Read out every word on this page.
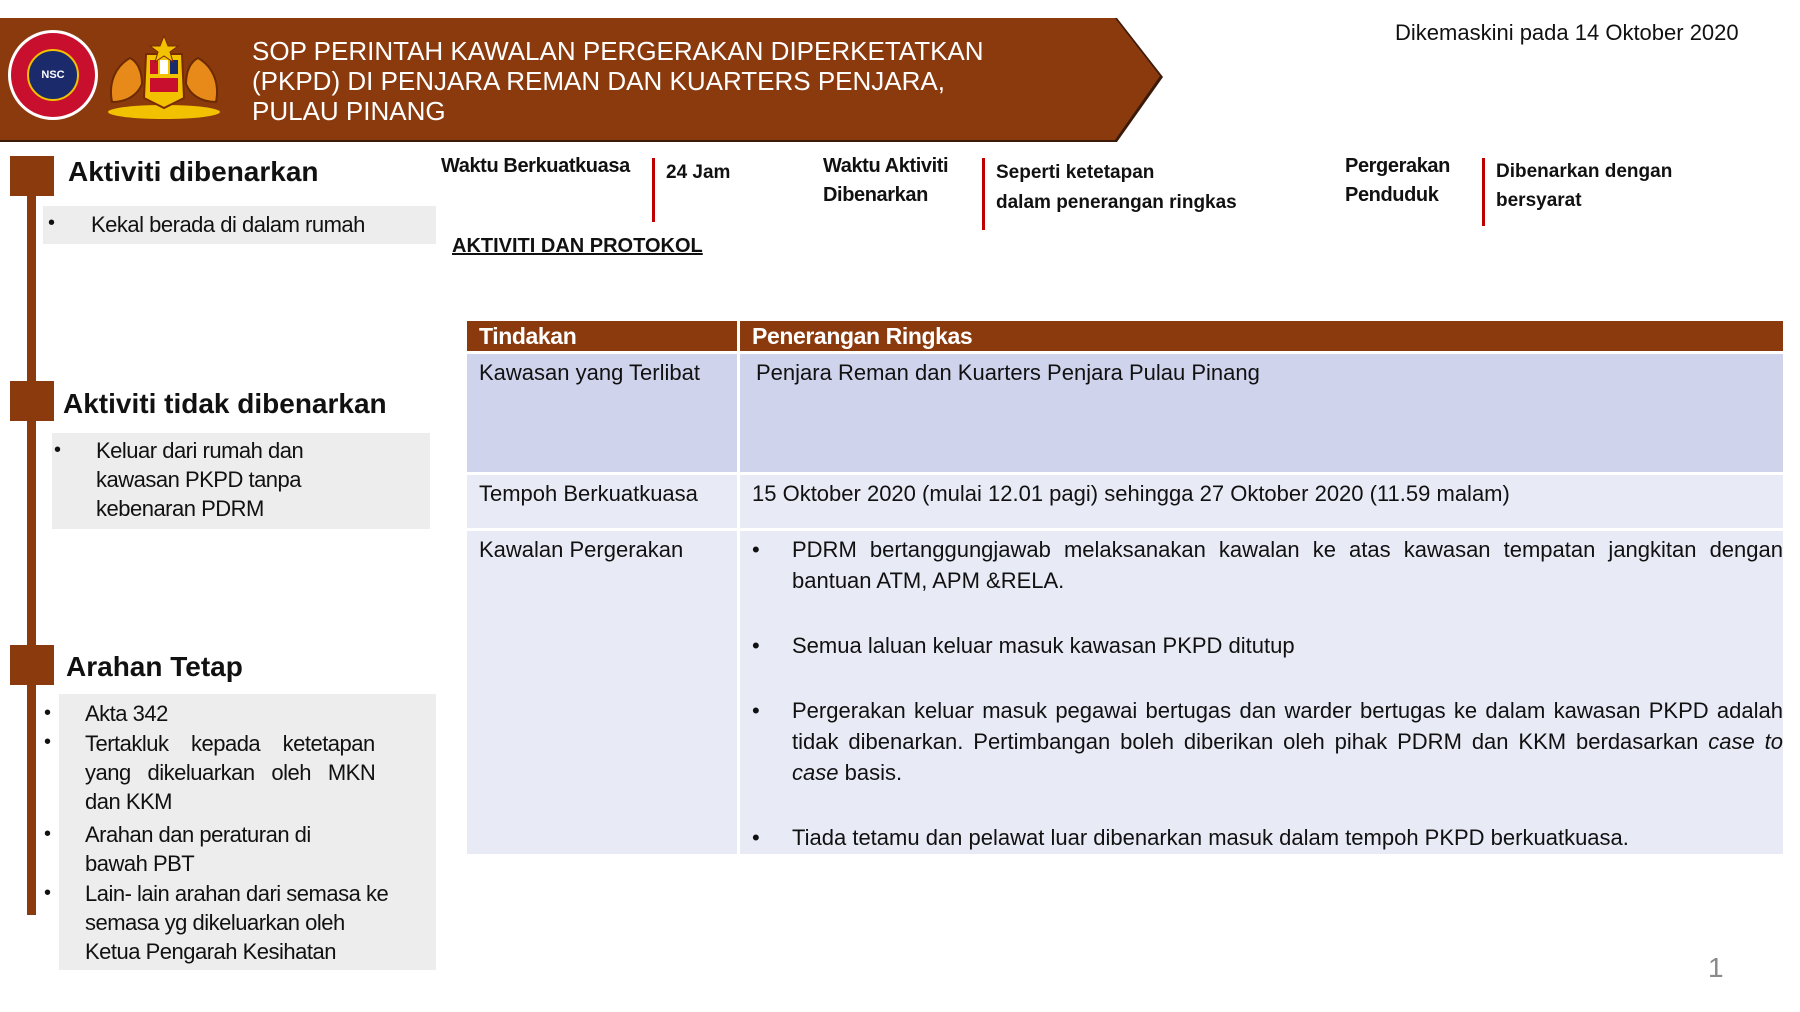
NSC
SOP PERINTAH KAWALAN PERGERAKAN DIPERKETATKAN
(PKPD) DI PENJARA REMAN DAN KUARTERS PENJARA,
PULAU PINANG
Dikemaskini pada 14 Oktober 2020
Aktiviti dibenarkan
• Kekal berada di dalam rumah
Aktiviti tidak dibenarkan
• Keluar dari rumah dan
kawasan PKPD tanpa
kebenaran PDRM
Arahan Tetap
• Akta 342
• Tertakluk    kepada    ketetapan
yang   dikeluarkan   oleh   MKN
dan KKM
• Arahan dan peraturan di
bawah PBT
• Lain- lain arahan dari semasa ke
semasa yg dikeluarkan oleh
Ketua Pengarah Kesihatan
Waktu Berkuatkuasa 24 Jam	Waktu Aktiviti
Dibenarkan
Seperti ketetapan
dalam penerangan ringkas
Pergerakan
Penduduk
Dibenarkan dengan
bersyarat
AKTIVITI DAN PROTOKOL
Tindakan	Penerangan Ringkas
Kawasan yang Terlibat	Penjara Reman dan Kuarters Penjara Pulau Pinang
Tempoh Berkuatkuasa	15 Oktober 2020 (mulai 12.01 pagi) sehingga 27 Oktober 2020 (11.59 malam)
Kawalan Pergerakan	• PDRM bertanggungjawab melaksanakan kawalan ke atas kawasan tempatan jangkitan dengan bantuan ATM, APM &RELA.
• Semua laluan keluar masuk kawasan PKPD ditutup
• Pergerakan keluar masuk pegawai bertugas dan warder bertugas ke dalam kawasan PKPD adalah tidak dibenarkan. Pertimbangan boleh diberikan oleh pihak PDRM dan KKM berdasarkan case to case basis.
• Tiada tetamu dan pelawat luar dibenarkan masuk dalam tempoh PKPD berkuatkuasa.
1
